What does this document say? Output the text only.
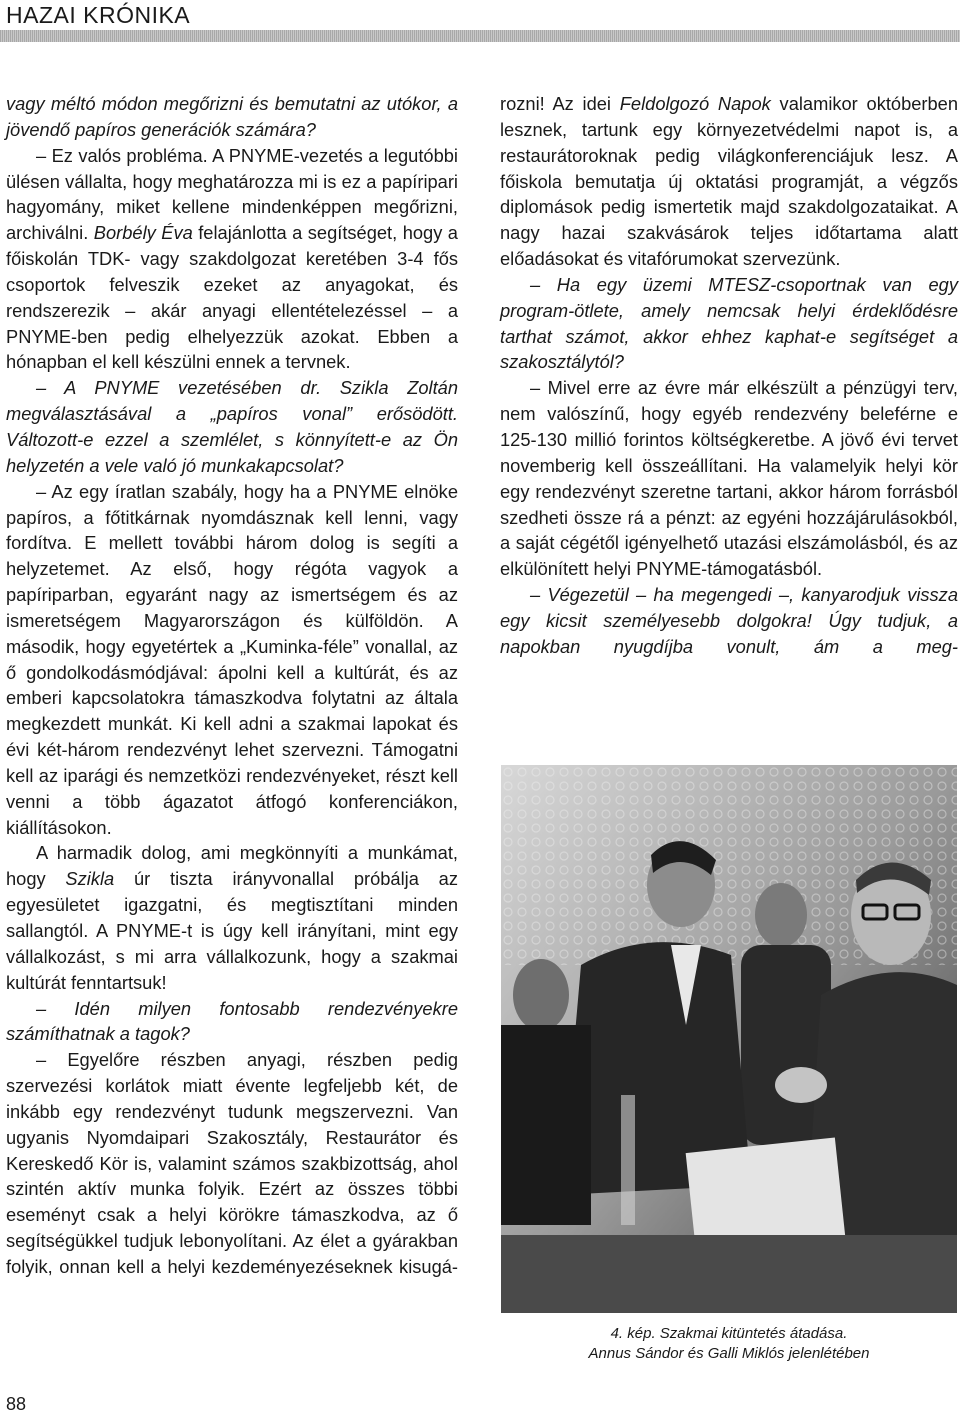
HAZAI KRÓNIKA

vagy méltó módon megőrizni és bemutatni az utókor, a jövendő papíros generációk számára?

– Ez valós probléma. A PNYME-vezetés a legutóbbi ülésen vállalta, hogy meghatározza mi is ez a papíripari hagyomány, miket kellene mindenképpen megőrizni, archiválni. Borbély Éva felajánlotta a segítséget, hogy a főiskolán TDK- vagy szakdolgozat keretében 3-4 fős csoportok felveszik ezeket az anyagokat, és rendszerezik – akár anyagi ellentételezéssel – a PNYME-ben pedig elhelyezzük azokat. Ebben a hónapban el kell készülni ennek a tervnek.

– A PNYME vezetésében dr. Szikla Zoltán megválasztásával a „papíros vonal” erősödött. Változott-e ezzel a szemlélet, s könnyített-e az Ön helyzetén a vele való jó munkakapcsolat?

– Az egy íratlan szabály, hogy ha a PNYME elnöke papíros, a főtitkárnak nyomdásznak kell lenni, vagy fordítva. E mellett további három dolog is segíti a helyzetemet. Az első, hogy régóta vagyok a papíriparban, egyaránt nagy az ismertségem és az ismeretségem Magyarországon és külföldön. A második, hogy egyetértek a „Kuminka-féle” vonallal, az ő gondolkodásmódjával: ápolni kell a kultúrát, és az emberi kapcsolatokra támaszkodva folytatni az általa megkezdett munkát. Ki kell adni a szakmai lapokat és évi két-három rendezvényt lehet szervezni. Támogatni kell az iparági és nemzetközi rendezvényeket, részt kell venni a több ágazatot átfogó konferenciákon, kiállításokon.

A harmadik dolog, ami megkönnyíti a munkámat, hogy Szikla úr tiszta irányvonallal próbálja az egyesületet igazgatni, és megtisztítani minden sallangtól. A PNYME-t is úgy kell irányítani, mint egy vállalkozást, s mi arra vállalkozunk, hogy a szakmai kultúrát fenntartsuk!

– Idén milyen fontosabb rendezvényekre számíthatnak a tagok?

– Egyelőre részben anyagi, részben pedig szervezési korlátok miatt évente legfeljebb két, de inkább egy rendezvényt tudunk megszervezni. Van ugyanis Nyomdaipari Szakosztály, Restaurátor és Kereskedő Kör is, valamint számos szakbizottság, ahol szintén aktív munka folyik. Ezért az összes többi eseményt csak a helyi körökre támaszkodva, az ő segítségükkel tudjuk lebonyolítani. Az élet a gyárakban folyik, onnan kell a helyi kezdeményezéseknek kisugá-

rozni! Az idei Feldolgozó Napok valamikor októberben lesznek, tartunk egy környezetvédelmi napot is, a restaurátoroknak pedig világkonferenciájuk lesz. A főiskola bemutatja új oktatási programját, a végzős diplomások pedig ismertetik majd szakdolgozataikat. A nagy hazai szakvásárok teljes időtartama alatt előadásokat és vitafórumokat szervezünk.

– Ha egy üzemi MTESZ-csoportnak van egy program-ötlete, amely nemcsak helyi érdeklődésre tarthat számot, akkor ehhez kaphat-e segítséget a szakosztálytól?

– Mivel erre az évre már elkészült a pénzügyi terv, nem valószínű, hogy egyéb rendezvény beleférne e 125-130 millió forintos költségkeretbe. A jövő évi tervet novemberig kell összeállítani. Ha valamelyik helyi kör egy rendezvényt szeretne tartani, akkor három forrásból szedheti össze rá a pénzt: az egyéni hozzájárulásokból, a saját cégétől igényelhető utazási elszámolásból, és az elkülönített helyi PNYME-támogatásból.

– Végezetül – ha megengedi –, kanyarodjuk vissza egy kicsit személyesebb dolgokra! Úgy tudjuk, a napokban nyugdíjba vonult, ám a meg-

4. kép. Szakmai kitüntetés átadása.
Annus Sándor és Galli Miklós jelenlétében
88
